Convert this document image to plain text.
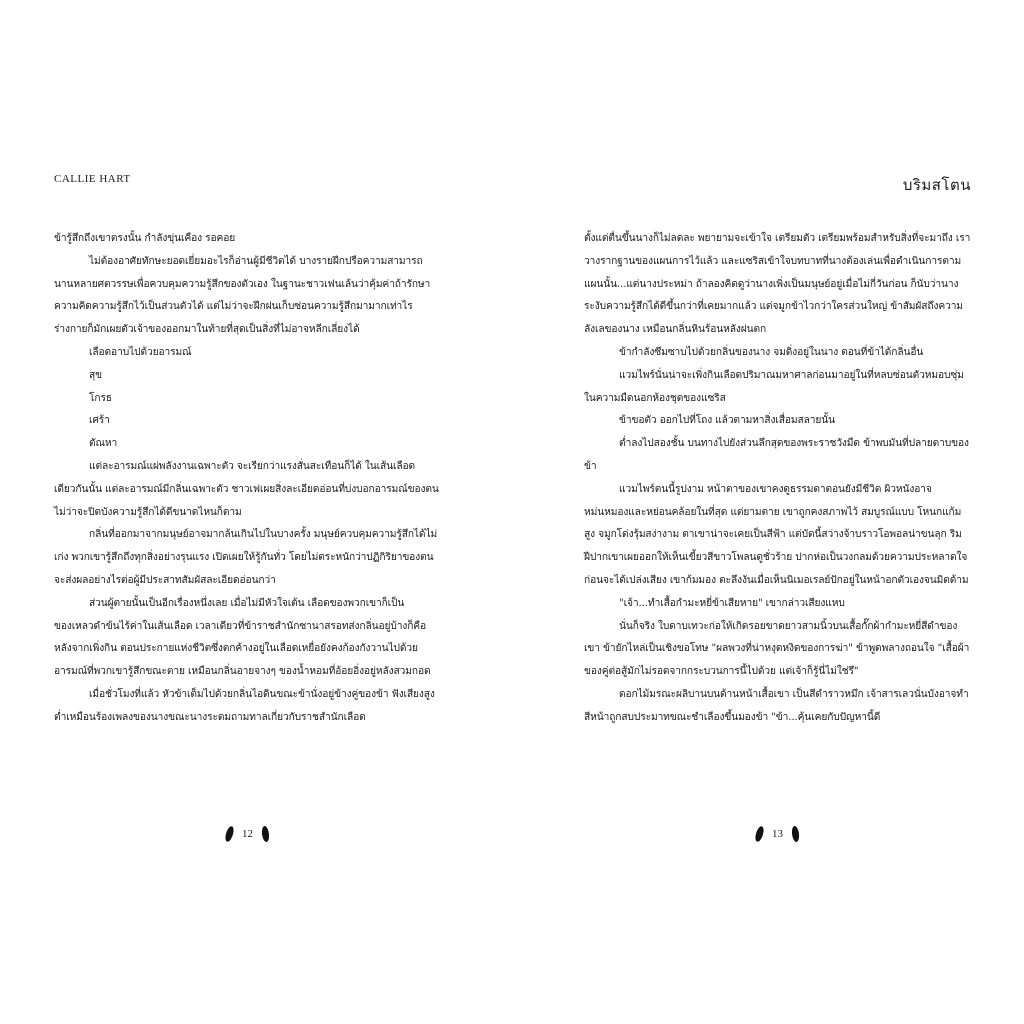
CALLIE HART

ข้ารู้สึกถึงเขาตรงนั้น กำลังขุ่นเคือง รอคอย

ไม่ต้องอาศัยทักษะยอดเยี่ยมอะไรก็อ่านผู้มีชีวิตได้ บางรายฝึกปรือความสามารถนานหลายศตวรรษเพื่อควบคุมความรู้สึกของตัวเอง ในฐานะชาวเฟนเล้นว่าคุ้มค่าถ้ารักษาความคิดความรู้สึกไว้เป็นส่วนตัวได้ แต่ไม่ว่าจะฝึกฝนเก็บซ่อนความรู้สึกมามากเท่าไร ร่างกายก็มักเผยตัวเจ้าของออกมาในท้ายที่สุดเป็นสิ่งที่ไม่อาจหลีกเลี่ยงได้

เลือดอาบไปด้วยอารมณ์

สุข

โกรธ

เศร้า

ตัณหา

แต่ละอารมณ์แผ่พลังงานเฉพาะตัว จะเรียกว่าแรงสั่นสะเทือนก็ได้ ในเส้นเลือดเดียวกันนั้น แต่ละอารมณ์มีกลิ่นเฉพาะตัว ชาวเฟเผยสิ่งละเอียดอ่อนที่บ่งบอกอารมณ์ของตน ไม่ว่าจะปิดบังความรู้สึกได้ดีขนาดไหนก็ตาม

กลิ่นที่ออกมาจากมนุษย์อาจมากล้นเกินไปในบางครั้ง มนุษย์ควบคุมความรู้สึกได้ไม่เก่ง พวกเขารู้สึกถึงทุกสิ่งอย่างรุนแรง เปิดเผยให้รู้กันทั่ว โดยไม่ตระหนักว่าปฏิกิริยาของตนจะส่งผลอย่างไรต่อผู้มีประสาทสัมผัสละเอียดอ่อนกว่า

ส่วนผู้ตายนั้นเป็นอีกเรื่องหนึ่งเลย เมื่อไม่มีหัวใจเต้น เลือดของพวกเขาก็เป็นของเหลวดำข้นไร้ค่าในเส้นเลือด เวลาเดียวที่ข้าราชสำนักซานาสรอทส่งกลิ่นอยู่บ้างก็คือหลังจากเพิ่งกิน ตอนประกายแห่งชีวิตซึ่งตกค้างอยู่ในเลือดเหยื่อยังคงก้องกังวานไปด้วยอารมณ์ที่พวกเขารู้สึกขณะตาย เหมือนกลิ่นอายจางๆ ของน้ำหอมที่อ้อยอิ่งอยู่หลังสวมกอด

เมื่อชั่วโมงที่แล้ว หัวข้าเต็มไปด้วยกลิ่นไอดินขณะข้านั่งอยู่ข้างคู่ของข้า ฟังเสียงสูงต่ำเหมือนร้องเพลงของนางขณะนางระดมถามทาลเกี่ยวกับราชสำนักเลือด

12
บริมสโตน

ตั้งแต่ตื่นขึ้นนางก็ไม่ลดละ พยายามจะเข้าใจ เตรียมตัว เตรียมพร้อมสำหรับสิ่งที่จะมาถึง เราวางรากฐานของแผนการไว้แล้ว และแซริสเข้าใจบทบาทที่นางต้องเล่นเพื่อดำเนินการตามแผนนั้น...แต่นางประหม่า ถ้าลองคิดดูว่านางเพิ่งเป็นมนุษย์อยู่เมื่อไม่กี่วันก่อน ก็นับว่านางระงับความรู้สึกได้ดีขึ้นกว่าที่เคยมากแล้ว แต่จมูกข้าไวกว่าใครส่วนใหญ่ ข้าสัมผัสถึงความลังเลของนาง เหมือนกลิ่นหินร้อนหลังฝนตก

ข้ากำลังซึมซาบไปด้วยกลิ่นของนาง จมดิ่งอยู่ในนาง ตอนที่ข้าได้กลิ่นอื่น

แวมไพร์นั่นน่าจะเพิ่งกินเลือดปริมาณมหาศาลก่อนมาอยู่ในที่หลบซ่อนตัวหมอบซุ่มในความมืดนอกห้องชุดของแซริส

ข้าขอตัว ออกไปที่โถง แล้วตามหาสิ่งเสื่อมสลายนั้น

ต่ำลงไปสองชั้น บนทางไปยังส่วนลึกสุดของพระราชวังมืด ข้าพบมันที่ปลายดาบของข้า

แวมไพร์ตนนี้รูปงาม หน้าตาของเขาคงดูธรรมดาตอนยังมีชีวิต ผิวหนังอาจหม่นหมองและหย่อนคล้อยในที่สุด แต่ยามตาย เขาถูกคงสภาพไว้ สมบูรณ์แบบ โหนกแก้มสูง จมูกโด่งรุ้มสง่างาม ตาเขาน่าจะเคยเป็นสีฟ้า แต่บัดนี้สว่างจ้าบราวโอพอลน่าขนลุก ริมฝีปากเขาเผยออกให้เห็นเขี้ยวสีขาวโพลนดูชั่วร้าย ปากห่อเป็นวงกลมด้วยความประหลาดใจก่อนจะได้เปล่งเสียง เขาก้มมอง ตะลึงงันเมื่อเห็นนิเมอเรลย์ปักอยู่ในหน้าอกตัวเองจนมิดด้าม

"เจ้า...ทำเสื้อกำมะหยี่ข้าเสียหาย" เขากล่าวเสียงแหบ

นั่นก็จริง ใบดาบเทวะก่อให้เกิดรอยขาดยาวสามนิ้วบนเสื้อกั๊กผ้ากำมะหยี่สีดำของเขา ข้ายักไหล่เป็นเชิงขอโทษ "ผลพวงที่น่าหงุดหงิดของการฆ่า" ข้าพูดพลางถอนใจ "เสื้อผ้าของคู่ต่อสู้มักไม่รอดจากกระบวนการนี้ไปด้วย แต่เจ้าก็รู้นี่ไม่ใช่รึ"

ดอกไม้มรณะผลิบานบนด้านหน้าเสื้อเขา เป็นสีดำราวหมึก เจ้าสารเลวนั่นบังอาจทำสีหน้าถูกสบประมาทขณะชำเลืองขึ้นมองข้า "ข้า...คุ้นเคยกับปัญหานี้ดี

13
